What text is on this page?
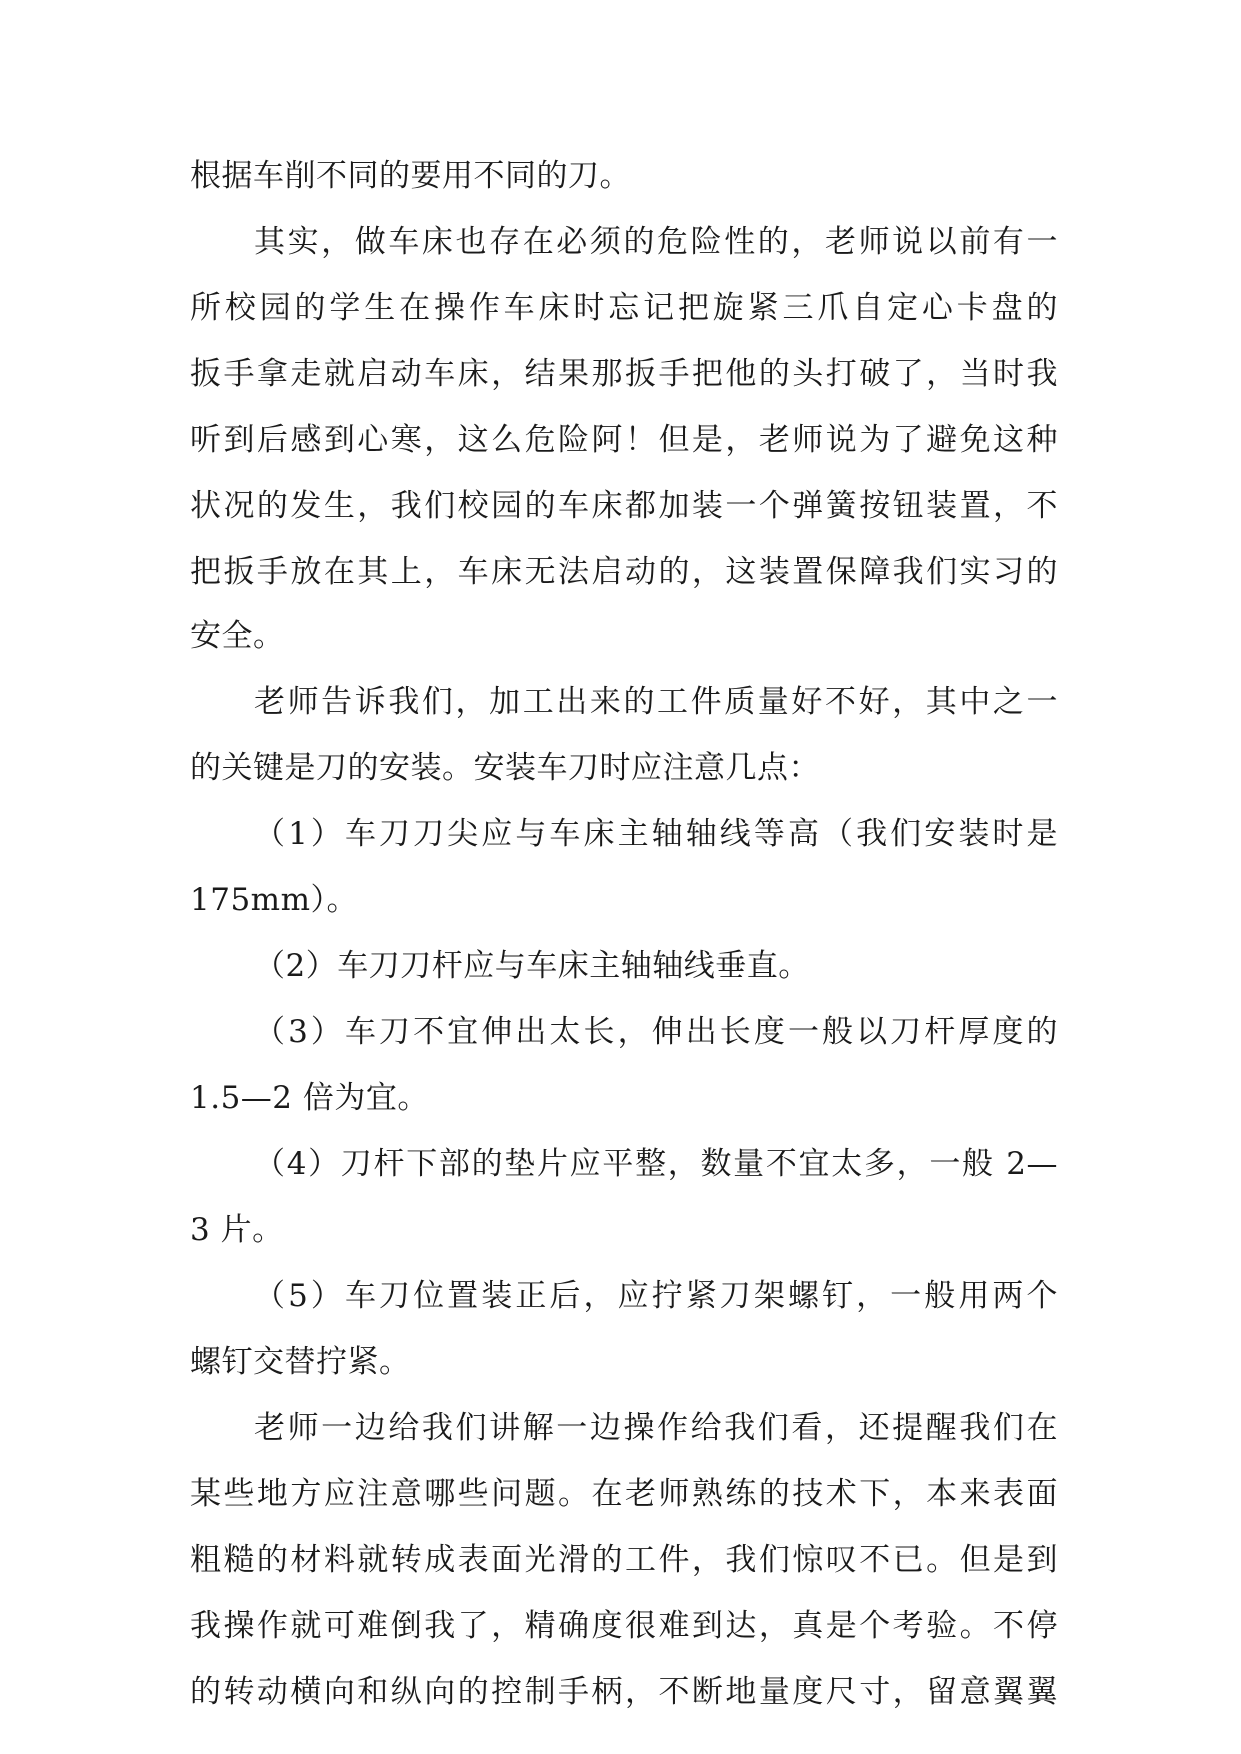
根据车削不同的要用不同的刀。
其实，做车床也存在必须的危险性的，老师说以前有一
所校园的学生在操作车床时忘记把旋紧三爪自定心卡盘的
扳手拿走就启动车床，结果那扳手把他的头打破了，当时我
听到后感到心寒，这么危险阿！但是，老师说为了避免这种
状况的发生，我们校园的车床都加装一个弹簧按钮装置，不
把扳手放在其上，车床无法启动的，这装置保障我们实习的
安全。
老师告诉我们，加工出来的工件质量好不好，其中之一
的关键是刀的安装。安装车刀时应注意几点：
（1）车刀刀尖应与车床主轴轴线等高（我们安装时是
175mm）。
（2）车刀刀杆应与车床主轴轴线垂直。
（3）车刀不宜伸出太长，伸出长度一般以刀杆厚度的
1.5—2 倍为宜。
（4）刀杆下部的垫片应平整，数量不宜太多，一般 2—
3 片。
（5）车刀位置装正后，应拧紧刀架螺钉，一般用两个
螺钉交替拧紧。
老师一边给我们讲解一边操作给我们看，还提醒我们在
某些地方应注意哪些问题。在老师熟练的技术下，本来表面
粗糙的材料就转成表面光滑的工件，我们惊叹不已。但是到
我操作就可难倒我了，精确度很难到达，真是个考验。不停
的转动横向和纵向的控制手柄，不断地量度尺寸，留意翼翼
